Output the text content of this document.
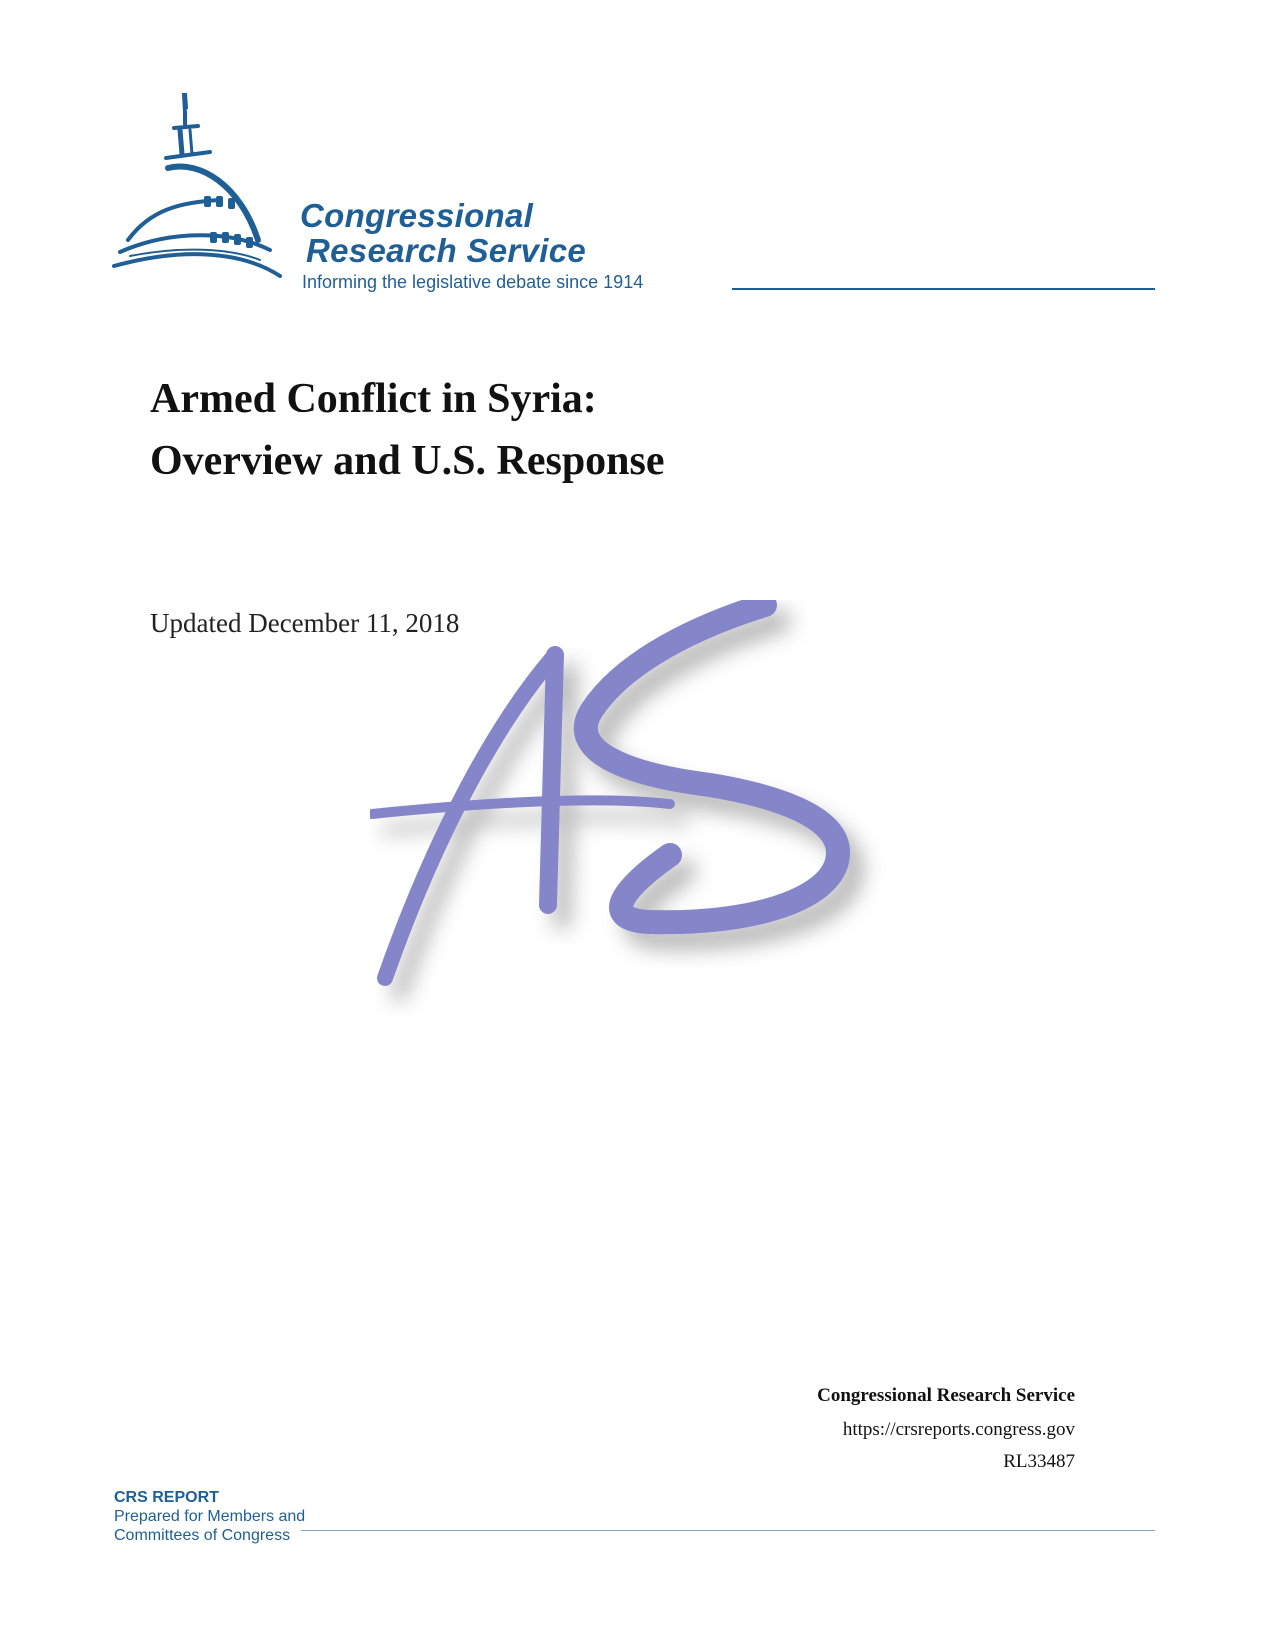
Congressional
Research Service
Informing the legislative debate since 1914
Armed Conflict in Syria:
Overview and U.S. Response
Updated December 11, 2018
Congressional Research Service
https://crsreports.congress.gov
RL33487
CRS REPORT
Prepared for Members and
Committees of Congress
